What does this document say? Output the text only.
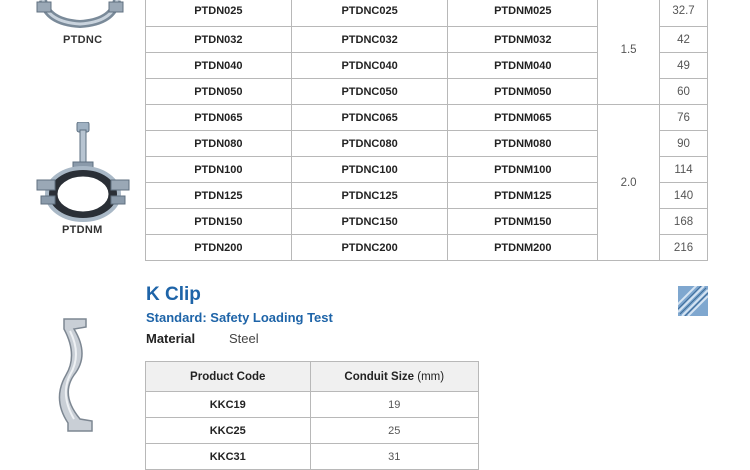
PTDNC
PTDNM
PTDN025	PTDNC025	PTDNM025	1.5	32.7
PTDN032	PTDNC032	PTDNM032		42
PTDN040	PTDNC040	PTDNM040		49
PTDN050	PTDNC050	PTDNM050		60
PTDN065	PTDNC065	PTDNM065	2.0	76
PTDN080	PTDNC080	PTDNM080		90
PTDN100	PTDNC100	PTDNM100		114
PTDN125	PTDNC125	PTDNM125		140
PTDN150	PTDNC150	PTDNM150		168
PTDN200	PTDNC200	PTDNM200		216
K Clip
Standard: Safety Loading Test
Material	Steel
Product Code	Conduit Size (mm)
KKC19	19
KKC25	25
KKC31	31
